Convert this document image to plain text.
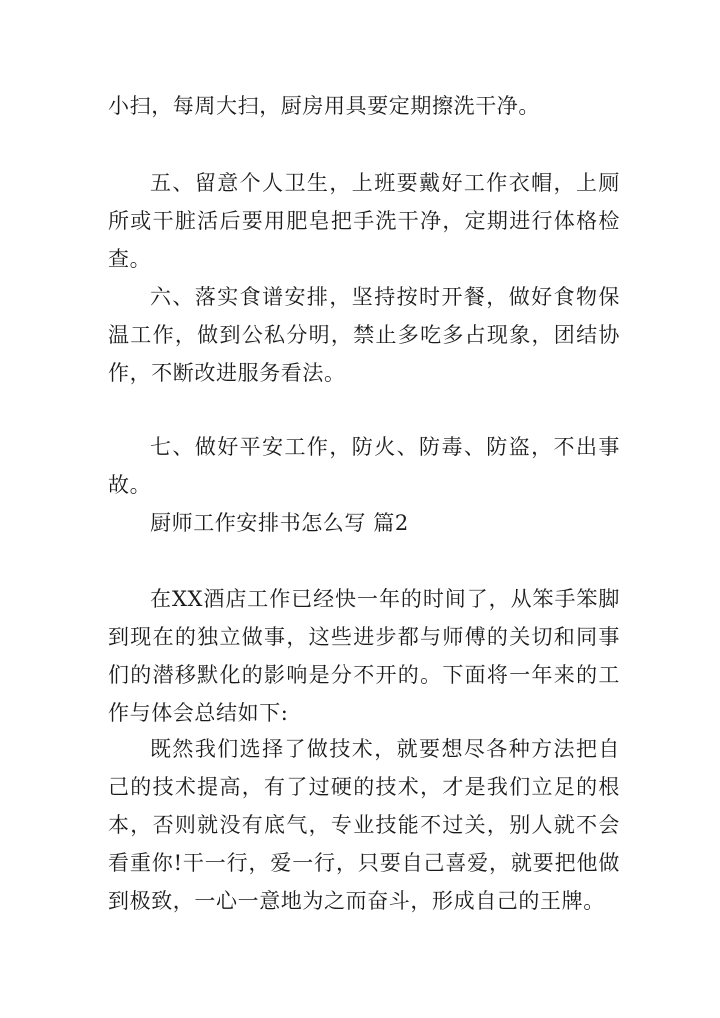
小扫，每周大扫，厨房用具要定期擦洗干净。

五、留意个人卫生，上班要戴好工作衣帽，上厕所或干脏活后要用肥皂把手洗干净，定期进行体格检查。

六、落实食谱安排，坚持按时开餐，做好食物保温工作，做到公私分明，禁止多吃多占现象，团结协作，不断改进服务看法。

七、做好平安工作，防火、防毒、防盗，不出事故。

厨师工作安排书怎么写 篇2

在XX酒店工作已经快一年的时间了，从笨手笨脚到现在的独立做事，这些进步都与师傅的关切和同事们的潜移默化的影响是分不开的。下面将一年来的工作与体会总结如下:

既然我们选择了做技术，就要想尽各种方法把自己的技术提高，有了过硬的技术，才是我们立足的根本，否则就没有底气，专业技能不过关，别人就不会看重你!干一行，爱一行，只要自己喜爱，就要把他做到极致，一心一意地为之而奋斗，形成自己的王牌。
